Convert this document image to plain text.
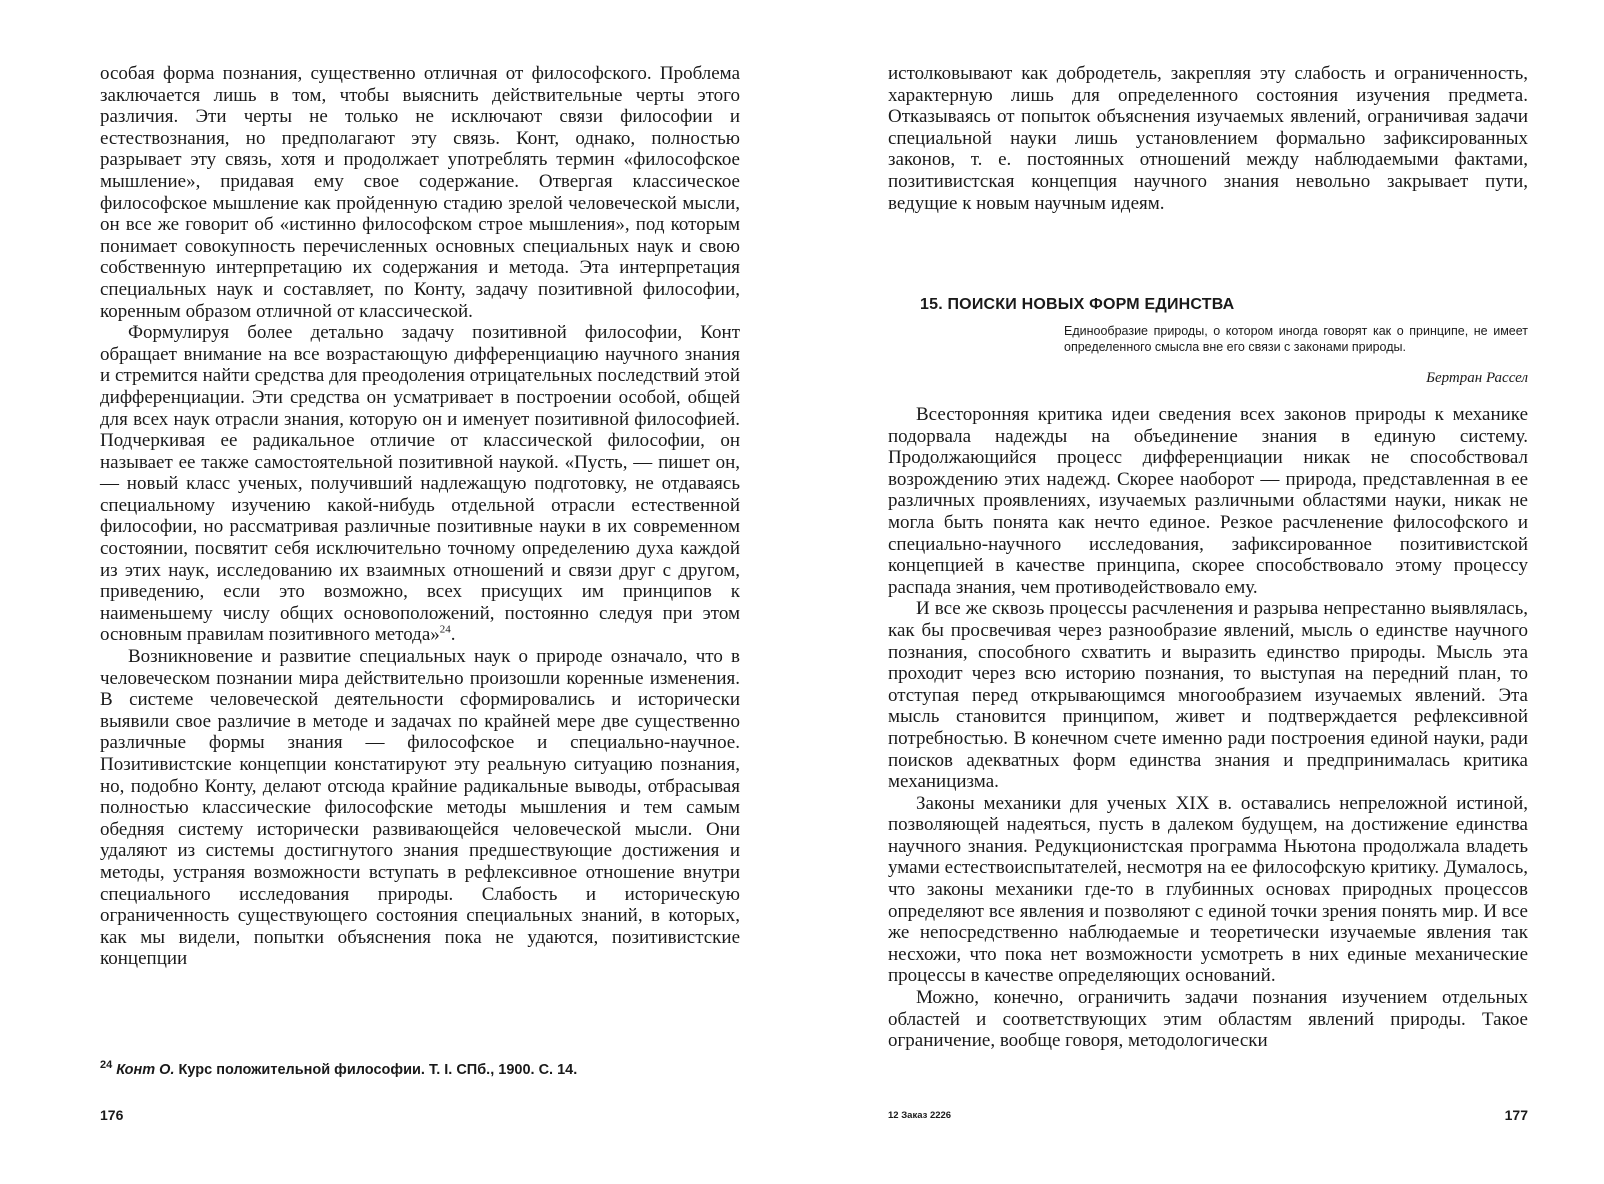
особая форма познания, существенно отличная от философского. Проблема заключается лишь в том, чтобы выяснить действительные черты этого различия. Эти черты не только не исключают связи философии и естествознания, но предполагают эту связь. Конт, однако, полностью разрывает эту связь, хотя и продолжает употреблять термин «философское мышление», придавая ему свое содержание. Отвергая классическое философское мышление как пройденную стадию зрелой человеческой мысли, он все же говорит об «истинно философском строе мышления», под которым понимает совокупность перечисленных основных специальных наук и свою собственную интерпретацию их содержания и метода. Эта интерпретация специальных наук и составляет, по Конту, задачу позитивной философии, коренным образом отличной от классической.

Формулируя более детально задачу позитивной философии, Конт обращает внимание на все возрастающую дифференциацию научного знания и стремится найти средства для преодоления отрицательных последствий этой дифференциации. Эти средства он усматривает в построении особой, общей для всех наук отрасли знания, которую он и именует позитивной философией. Подчеркивая ее радикальное отличие от классической философии, он называет ее также самостоятельной позитивной наукой. «Пусть, — пишет он, — новый класс ученых, получивший надлежащую подготовку, не отдаваясь специальному изучению какой-нибудь отдельной отрасли естественной философии, но рассматривая различные позитивные науки в их современном состоянии, посвятит себя исключительно точному определению духа каждой из этих наук, исследованию их взаимных отношений и связи друг с другом, приведению, если это возможно, всех присущих им принципов к наименьшему числу общих основоположений, постоянно следуя при этом основным правилам позитивного метода»$^{24}$.

Возникновение и развитие специальных наук о природе означало, что в человеческом познании мира действительно произошли коренные изменения. В системе человеческой деятельности сформировались и исторически выявили свое различие в методе и задачах по крайней мере две существенно различные формы знания — философское и специально-научное. Позитивистские концепции констатируют эту реальную ситуацию познания, но, подобно Конту, делают отсюда крайние радикальные выводы, отбрасывая полностью классические философские методы мышления и тем самым обедняя систему исторически развивающейся человеческой мысли. Они удаляют из системы достигнутого знания предшествующие достижения и методы, устраняя возможности вступать в рефлексивное отношение внутри специального исследования природы. Слабость и историческую ограниченность существующего состояния специальных знаний, в которых, как мы видели, попытки объяснения пока не удаются, позитивистские концепции

$^{24}$ Конт О. Курс положительной философии. Т. I. СПб., 1900. С. 14.
176

истолковывают как добродетель, закрепляя эту слабость и ограниченность, характерную лишь для определенного состояния изучения предмета. Отказываясь от попыток объяснения изучаемых явлений, ограничивая задачи специальной науки лишь установлением формально зафиксированных законов, т. е. постоянных отношений между наблюдаемыми фактами, позитивистская концепция научного знания невольно закрывает пути, ведущие к новым научным идеям.

15. ПОИСКИ НОВЫХ ФОРМ ЕДИНСТВА
Единообразие природы, о котором иногда говорят как о принципе, не имеет определенного смысла вне его связи с законами природы.
Бертран Рассел

Всесторонняя критика идеи сведения всех законов природы к механике подорвала надежды на объединение знания в единую систему. Продолжающийся процесс дифференциации никак не способствовал возрождению этих надежд. Скорее наоборот — природа, представленная в ее различных проявлениях, изучаемых различными областями науки, никак не могла быть понята как нечто единое. Резкое расчленение философского и специально-научного исследования, зафиксированное позитивистской концепцией в качестве принципа, скорее способствовало этому процессу распада знания, чем противодействовало ему.

И все же сквозь процессы расчленения и разрыва непрестанно выявлялась, как бы просвечивая через разнообразие явлений, мысль о единстве научного познания, способного схватить и выразить единство природы. Мысль эта проходит через всю историю познания, то выступая на передний план, то отступая перед открывающимся многообразием изучаемых явлений. Эта мысль становится принципом, живет и подтверждается рефлексивной потребностью. В конечном счете именно ради построения единой науки, ради поисков адекватных форм единства знания и предпринималась критика механицизма.

Законы механики для ученых XIX в. оставались непреложной истиной, позволяющей надеяться, пусть в далеком будущем, на достижение единства научного знания. Редукционистская программа Ньютона продолжала владеть умами естествоиспытателей, несмотря на ее философскую критику. Думалось, что законы механики где-то в глубинных основах природных процессов определяют все явления и позволяют с единой точки зрения понять мир. И все же непосредственно наблюдаемые и теоретически изучаемые явления так несхожи, что пока нет возможности усмотреть в них единые механические процессы в качестве определяющих оснований.

Можно, конечно, ограничить задачи познания изучением отдельных областей и соответствующих этим областям явлений природы. Такое ограничение, вообще говоря, методологически

12 Заказ 2226	177
